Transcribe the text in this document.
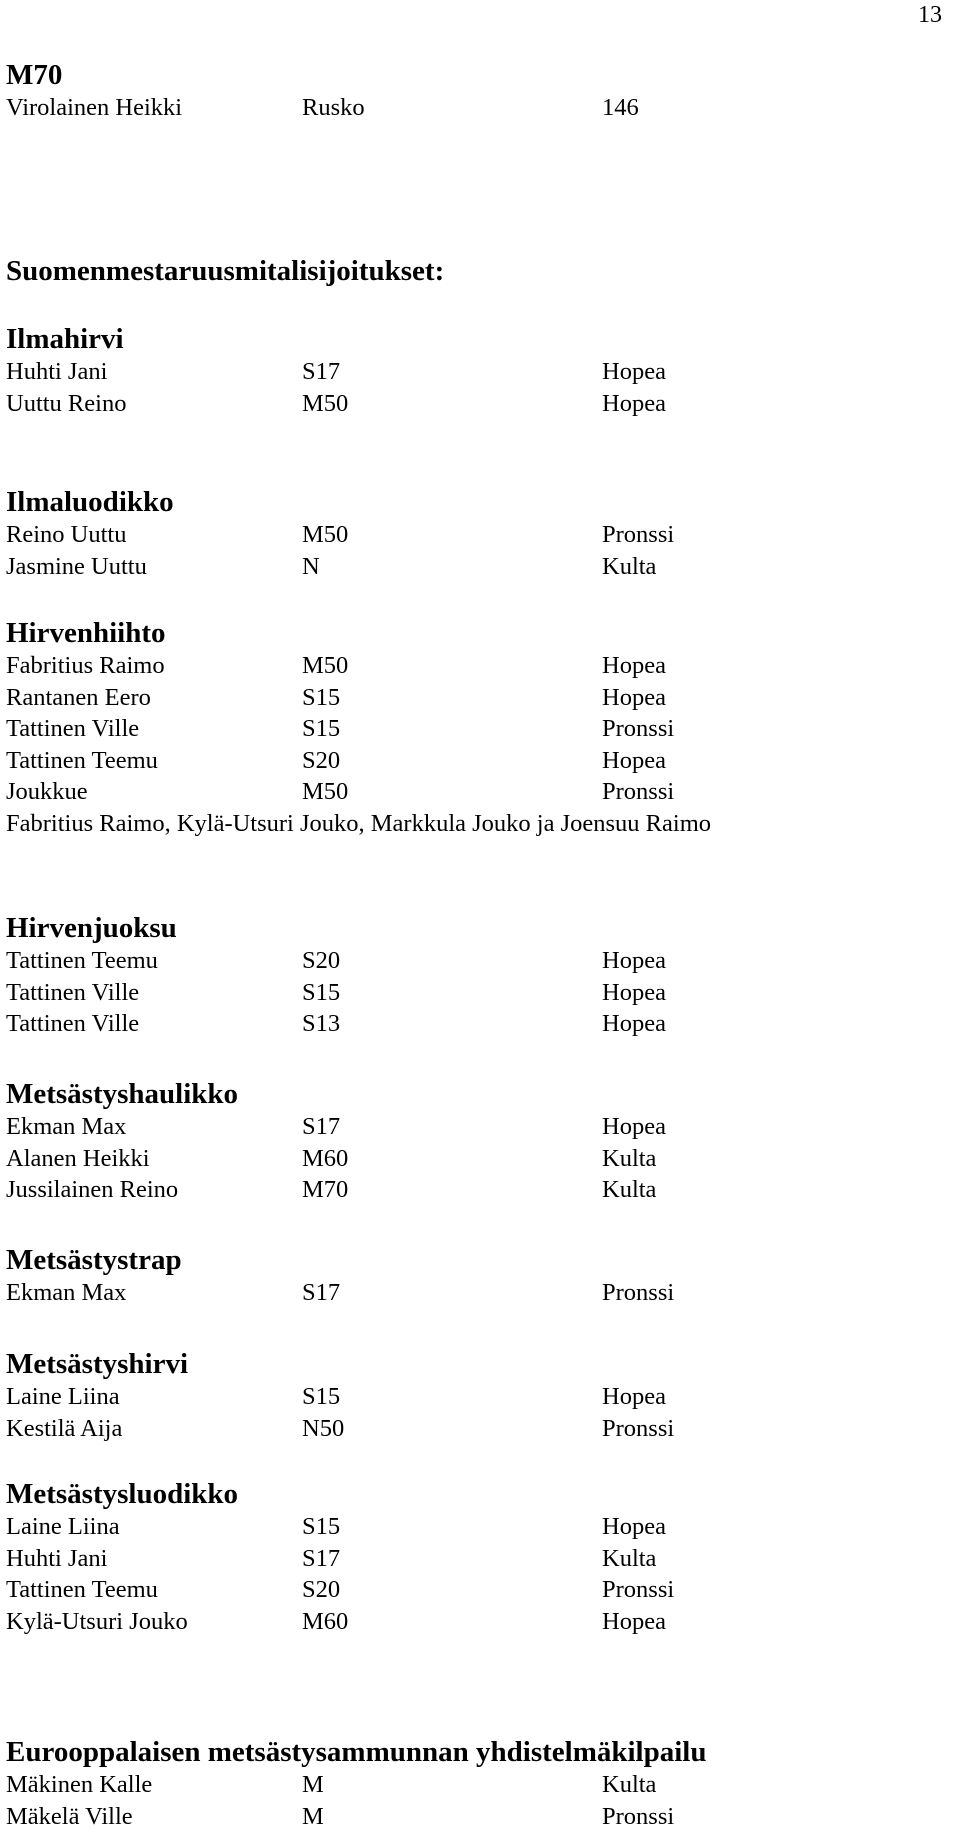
13
M70
Virolainen Heikki	Rusko	146
Suomenmestaruusmitalisijoitukset:
Ilmahirvi
Huhti Jani	S17	Hopea
Uuttu Reino	M50	Hopea
Ilmaluodikko
Reino Uuttu	M50	Pronssi
Jasmine Uuttu	N	Kulta
Hirvenhiihto
Fabritius Raimo	M50	Hopea
Rantanen Eero	S15	Hopea
Tattinen Ville	S15	Pronssi
Tattinen Teemu	S20	Hopea
Joukkue	M50	Pronssi
Fabritius Raimo, Kylä-Utsuri Jouko, Markkula Jouko ja Joensuu Raimo
Hirvenjuoksu
Tattinen Teemu	S20	Hopea
Tattinen Ville	S15	Hopea
Tattinen Ville	S13	Hopea
Metsästyshaulikko
Ekman Max	S17	Hopea
Alanen Heikki	M60	Kulta
Jussilainen Reino	M70	Kulta
Metsästystrap
Ekman Max	S17	Pronssi
Metsästyshirvi
Laine Liina	S15	Hopea
Kestilä Aija	N50	Pronssi
Metsästysluodikko
Laine Liina	S15	Hopea
Huhti Jani	S17	Kulta
Tattinen Teemu	S20	Pronssi
Kylä-Utsuri Jouko	M60	Hopea
Eurooppalaisen metsästysammunnan yhdistelmäkilpailu
Mäkinen Kalle	M	Kulta
Mäkelä Ville	M	Pronssi
